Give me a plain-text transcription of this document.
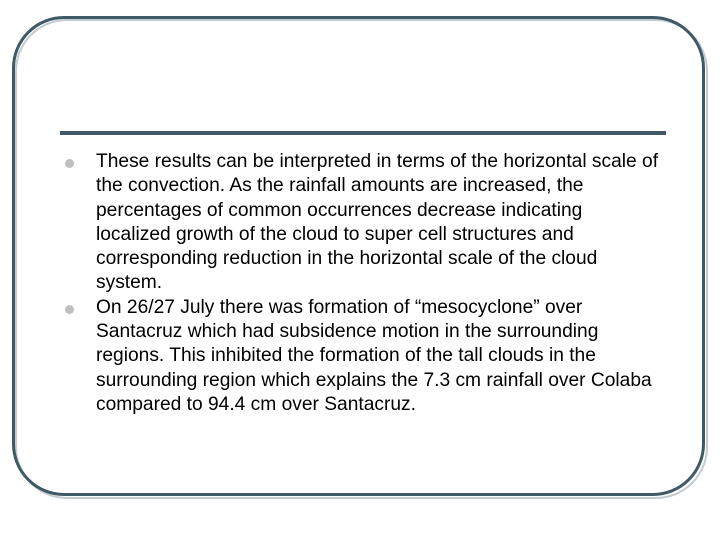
These results can be interpreted in terms of the horizontal scale of the convection. As the rainfall amounts are increased, the percentages of common occurrences decrease indicating localized growth of the cloud to super cell structures and corresponding reduction in the horizontal scale of the cloud system.
On 26/27 July there was formation of “mesocyclone” over Santacruz which had subsidence motion in the surrounding regions. This inhibited the formation of the tall clouds in the surrounding region which explains the 7.3 cm rainfall over Colaba compared to 94.4 cm over Santacruz.
